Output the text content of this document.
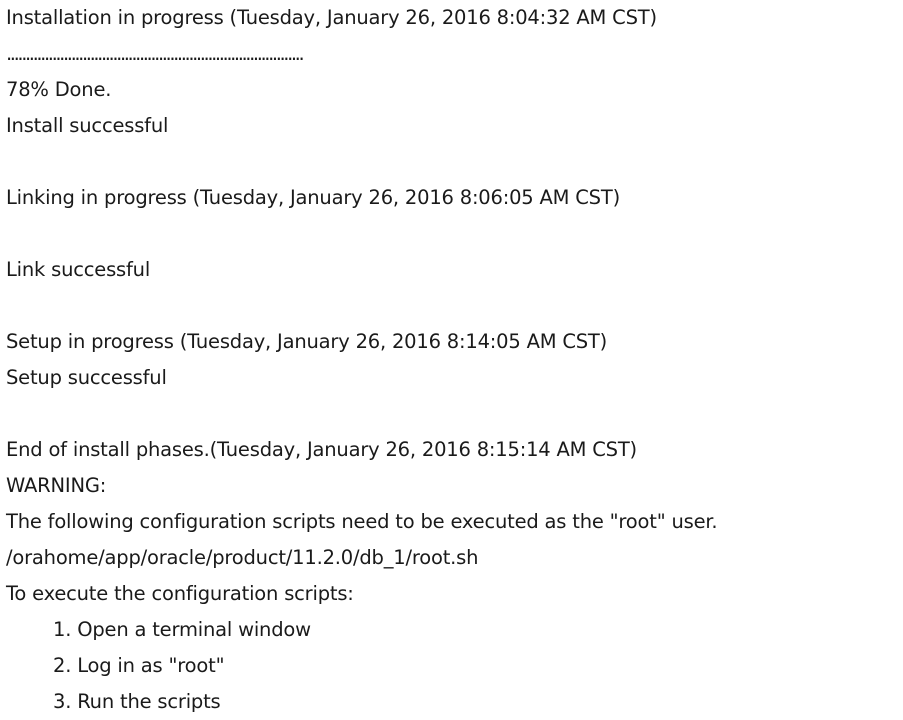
Installation in progress (Tuesday, January 26, 2016 8:04:32 AM CST)
..............................................................................
78% Done.
Install successful
Linking in progress (Tuesday, January 26, 2016 8:06:05 AM CST)
Link successful
Setup in progress (Tuesday, January 26, 2016 8:14:05 AM CST)
Setup successful
End of install phases.(Tuesday, January 26, 2016 8:15:14 AM CST)
WARNING:
The following configuration scripts need to be executed as the "root" user.
/orahome/app/oracle/product/11.2.0/db_1/root.sh
To execute the configuration scripts:
1. Open a terminal window
2. Log in as "root"
3. Run the scripts
